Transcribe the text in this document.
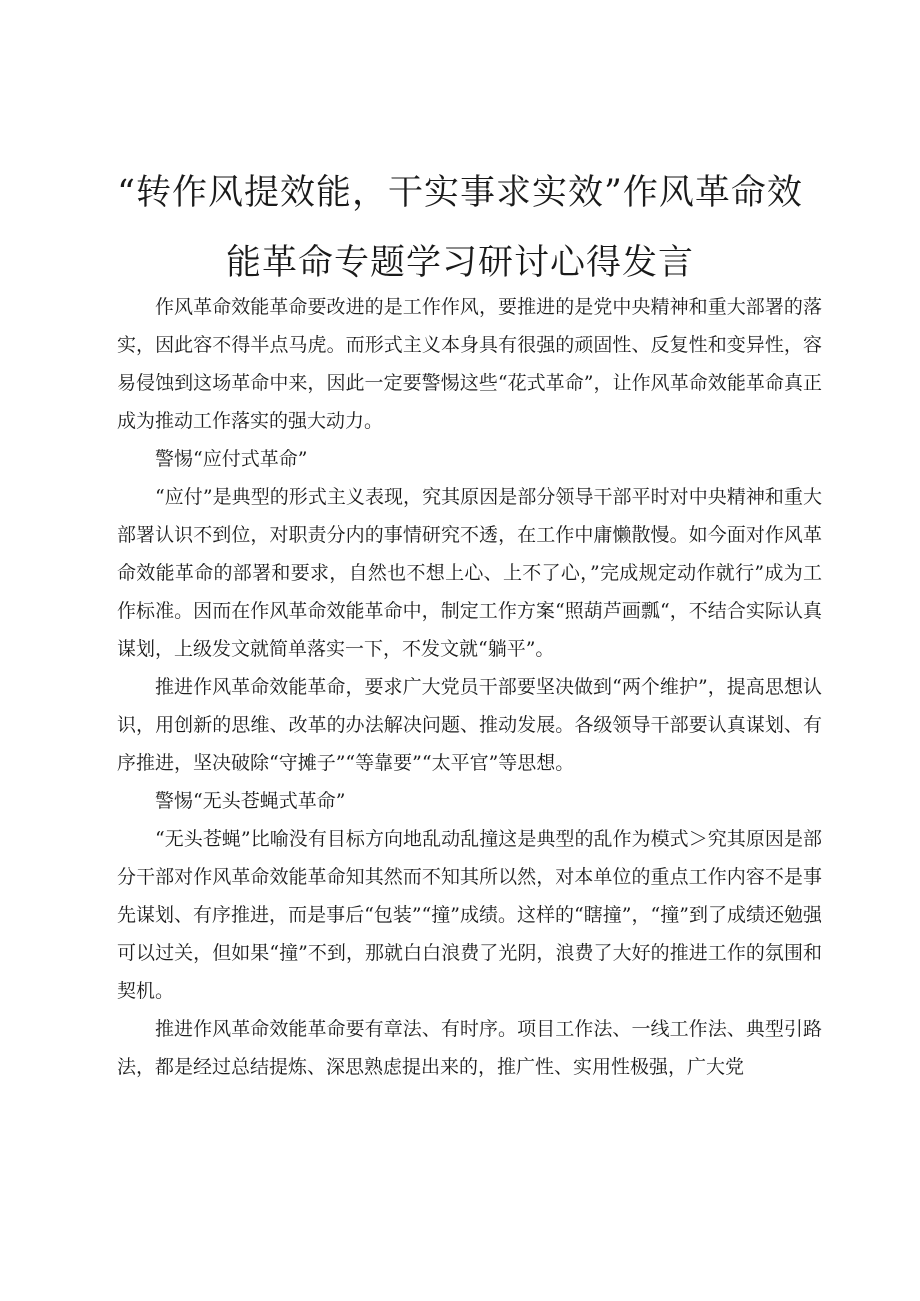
“转作风提效能，干实事求实效”作风革命效
能革命专题学习研讨心得发言

作风革命效能革命要改进的是工作作风，要推进的是党中央精神和重大部署的落实，因此容不得半点马虎。而形式主义本身具有很强的顽固性、反复性和变异性，容易侵蚀到这场革命中来，因此一定要警惕这些“花式革命”，让作风革命效能革命真正成为推动工作落实的强大动力。

警惕“应付式革命”

“应付”是典型的形式主义表现，究其原因是部分领导干部平时对中央精神和重大部署认识不到位，对职责分内的事情研究不透，在工作中庸懒散慢。如今面对作风革命效能革命的部署和要求，自然也不想上心、上不了心，”完成规定动作就行”成为工作标准。因而在作风革命效能革命中，制定工作方案“照葫芦画瓢“，不结合实际认真谋划，上级发文就简单落实一下，不发文就“躺平”。

推进作风革命效能革命，要求广大党员干部要坚决做到“两个维护”，提高思想认识，用创新的思维、改革的办法解决问题、推动发展。各级领导干部要认真谋划、有序推进，坚决破除“守摊子”“等靠要”“太平官”等思想。

警惕“无头苍蝇式革命”

“无头苍蝇”比喻没有目标方向地乱动乱撞这是典型的乱作为模式＞究其原因是部分干部对作风革命效能革命知其然而不知其所以然，对本单位的重点工作内容不是事先谋划、有序推进，而是事后“包装”“撞”成绩。这样的“瞎撞”，“撞”到了成绩还勉强可以过关，但如果“撞”不到，那就白白浪费了光阴，浪费了大好的推进工作的氛围和契机。

推进作风革命效能革命要有章法、有时序。项目工作法、一线工作法、典型引路法，都是经过总结提炼、深思熟虑提出来的，推广性、实用性极强，广大党
